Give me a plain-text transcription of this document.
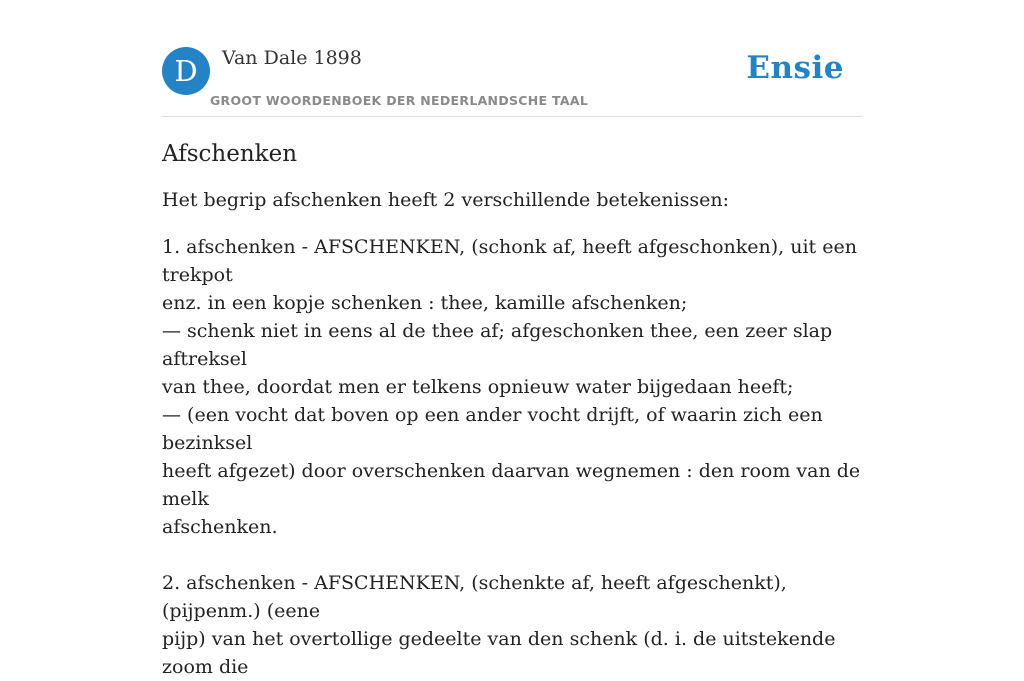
D	Van Dale 1898
GROOT WOORDENBOEK DER NEDERLANDSCHE TAAL
Ensie
Afschenken

Het begrip afschenken heeft 2 verschillende betekenissen:

1. afschenken - AFSCHENKEN, (schonk af, heeft afgeschonken), uit een trekpot
enz. in een kopje schenken : thee, kamille afschenken;
— schenk niet in eens al de thee af; afgeschonken thee, een zeer slap aftreksel
van thee, doordat men er telkens opnieuw water bijgedaan heeft;
— (een vocht dat boven op een ander vocht drijft, of waarin zich een bezinksel
heeft afgezet) door overschenken daarvan wegnemen : den room van de melk
afschenken.
2. afschenken - AFSCHENKEN, (schenkte af, heeft afgeschenkt), (pijpenm.) (eene
pijp) van het overtollige gedeelte van den schenk (d. i. de uitstekende zoom die
